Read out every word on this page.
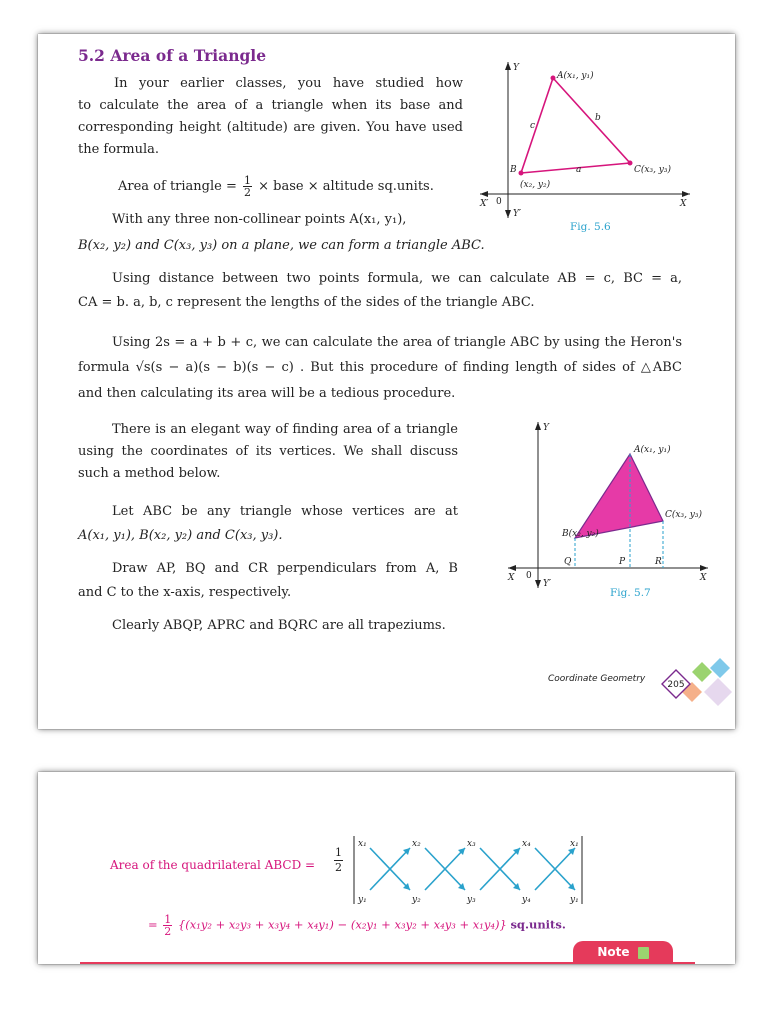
5.2 Area of a Triangle
In your earlier classes, you have studied how
to calculate the area of a triangle when its base and
corresponding height (altitude) are given. You have used
the formula.
Area of triangle = $\frac{1}{2}$ × base × altitude sq.units.
With any three non-collinear points A(x₁, y₁),
B(x₂, y₂) and C(x₃, y₃) on a plane, we can form a triangle ABC.
Using distance between two points formula, we can calculate AB = c, BC = a,
CA = b. a, b, c represent the lengths of the sides of the triangle ABC.
Using 2s = a + b + c, we can calculate the area of triangle ABC by using the Heron's
formula √s(s − a)(s − b)(s − c) . But this procedure of finding length of sides of △ABC
and then calculating its area will be a tedious procedure.
There is an elegant way of finding area of a triangle
using the coordinates of its vertices. We shall discuss
such a method below.
Let ABC be any triangle whose vertices are at
A(x₁, y₁), B(x₂, y₂) and C(x₃, y₃).
Draw AP, BQ and CR perpendiculars from A, B
and C to the x-axis, respectively.
Clearly ABQP, APRC and BQRC are all trapeziums.
A(x₁, y₁)
B
(x₂, y₂)
C(x₃, y₃)
a
b
c
Y
Y′
X
X′ 0
Fig. 5.6
A(x₁, y₁)
B(x₂, y₂)
C(x₃, y₃)
Q	P	R
Y
Y′
X
X 0
Fig. 5.7
Coordinate Geometry
205
Area of the quadrilateral ABCD = $\frac{1}{2}$
x₁	x₂	x₃	x₄	x₁
y₁	y₂	y₃	y₄	y₁
= $\frac{1}{2} \{(x_1y_2 + x_2y_3 + x_3y_4 + x_4y_1) - (x_2y_1 + x_3y_2 + x_4y_3 + x_1y_4)\}$ sq.units.
Note
